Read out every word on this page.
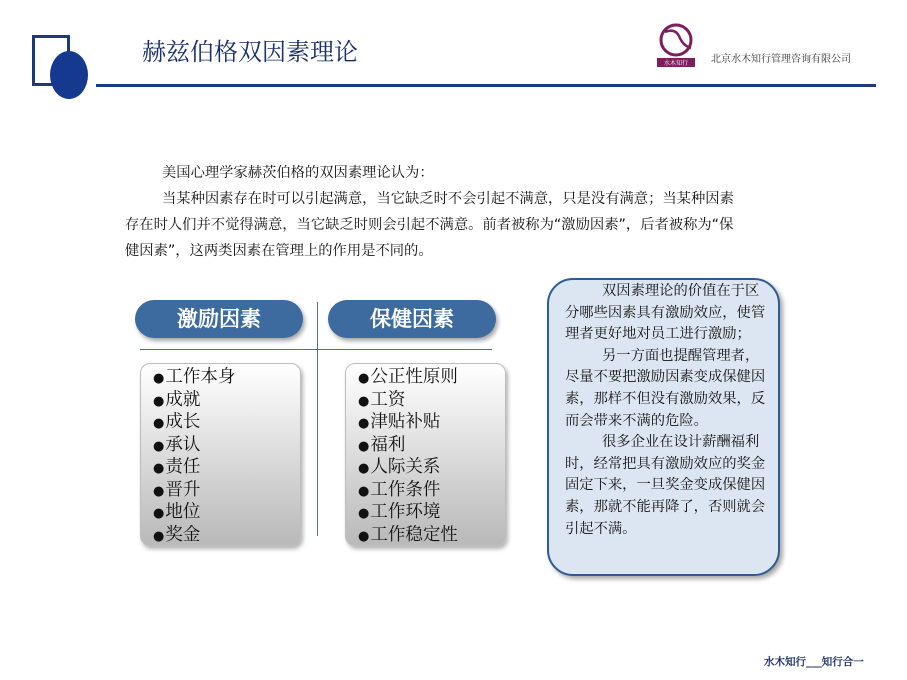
赫兹伯格双因素理论	水木知行 北京水木知行管理咨询有限公司

美国心理学家赫茨伯格的双因素理论认为：

当某种因素存在时可以引起满意，当它缺乏时不会引起不满意，只是没有满意；当某种因素存在时人们并不觉得满意，当它缺乏时则会引起不满意。前者被称为“激励因素”，后者被称为“保健因素”，这两类因素在管理上的作用是不同的。

激励因素	保健因素
●工作本身
●成就
●成长
●承认
●责任
●晋升
●地位
●奖金
●公正性原则
●工资
●津贴补贴
●福利
●人际关系
●工作条件
●工作环境
●工作稳定性

双因素理论的价值在于区分哪些因素具有激励效应，使管理者更好地对员工进行激励；

另一方面也提醒管理者，尽量不要把激励因素变成保健因素，那样不但没有激励效果，反而会带来不满的危险。

很多企业在设计薪酬福利时，经常把具有激励效应的奖金固定下来，一旦奖金变成保健因素，那就不能再降了，否则就会引起不满。

水木知行___知行合一
